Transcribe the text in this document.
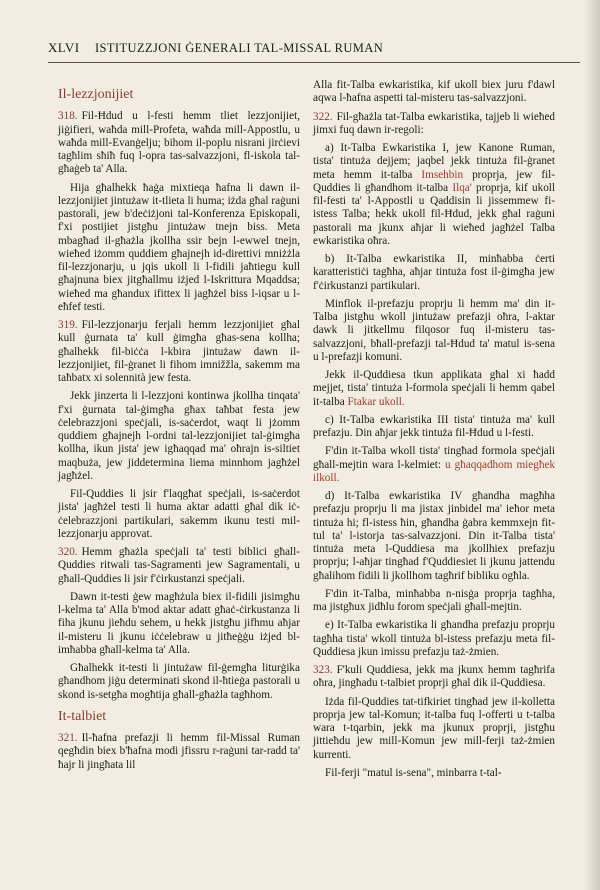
XLVI ISTITUZZJONI ĠENERALI TAL-MISSAL RUMAN
Il-lezzjonijiet

318. Fil-Ħdud u l-festi hemm tliet lezzjonijiet, jiġifieri, waħda mill-Profeta, waħda mill-Appostlu, u waħda mill-Evanġelju; bihom il-poplu nisrani jirċievi tagħlim sħiħ fuq l-opra tas-salvazzjoni, fl-iskola tal-għaġeb ta' Alla.

Hija għalhekk ħaġa mixtieqa ħafna li dawn il-lezzjonijiet jintużaw it-tlieta li huma; iżda għal raġuni pastorali, jew b'deċiżjoni tal-Konferenza Episkopali, f'xi postijiet jistgħu jintużaw tnejn biss. Meta mbagħad il-għażla jkollha ssir bejn l-ewwel tnejn, wieħed iżomm quddiem għajnejh id-direttivi mniżżla fil-lezzjonarju, u jqis ukoll li l-fidili jaħtiegu kull għajnuna biex jitgħallmu iżjed l-Iskrittura Mqaddsa; wieħed ma għandux ifittex li jagħżel biss l-iqsar u l-eħfef testi.

319. Fil-lezzjonarju ferjali hemm lezzjonijiet għal kull ġurnata ta' kull ġimgħa għas-sena kollha; għalhekk fil-biċċa l-kbira jintużaw dawn il-lezzjonijiet, fil-ġranet li fihom imnižžla, sakemm ma taħbatx xi solennità jew festa.

Jekk jinzerta li l-lezzjoni kontinwa jkollha tinqata' f'xi ġurnata tal-ġimgħa għax taħbat festa jew ċelebrazzjoni speċjali, is-saċerdot, waqt li jżomm quddiem għajnejh l-ordni tal-lezzjonijiet tal-ġimgħa kollha, ikun jista' jew igħaqqad ma' oħrajn is-siltiet maqbuża, jew jiddetermina liema minnhom jagħżel jagħżel.

Fil-Quddies li jsir f'laqgħat speċjali, is-saċerdot jista' jagħżel testi li huma aktar adatti għal dik iċ-ċelebrazzjoni partikulari, sakemm ikunu testi mil-lezzjonarju approvat.

320. Hemm għażla speċjali ta' testi biblici għall-Quddies ritwali tas-Sagramenti jew Sagramentali, u għall-Quddies li jsir f'ċirkustanzi speċjali.

Dawn it-testi ġew magħżula biex il-fidili jisimgħu l-kelma ta' Alla b'mod aktar adatt għaċ-ċirkustanza li fiha jkunu jieħdu sehem, u hekk jistgħu jifhmu aħjar il-misteru li jkunu iċċelebraw u jitħeġġu iżjed bl-imħabba għall-kelma ta' Alla.

Għalhekk it-testi li jintużaw fil-ġemgħa liturġika għandhom jiġu determinati skond il-ħtieġa pastorali u skond is-setgħa mogħtija għall-għażla tagħhom.

It-talbiet

321. Il-ħafna prefazji li hemm fil-Missal Ruman qegħdin biex b'ħafna modi jfissru r-raġuni tar-radd ta' ħajr li jingħata lil

Alla fit-Talba ewkaristika, kif ukoll biex juru f'dawl aqwa l-ħafna aspetti tal-misteru tas-salvazzjoni.

322. Fil-għażla tat-Talba ewkaristika, tajjeb li wieħed jimxi fuq dawn ir-regoli:

a) It-Talba Ewkaristika I, jew Kanone Ruman, tista' tintuża dejjem; jaqbel jekk tintuża fil-ġranet meta hemm it-talba Imsehbin proprja, jew fil-Quddies li għandhom it-talba Ilqa' proprja, kif ukoll fil-festi ta' l-Appostli u Qaddisin li jissemmew fi-istess Talba; hekk ukoll fil-Ħdud, jekk għal raġuni pastorali ma jkunx aħjar li wieħed jagħżel Talba ewkaristika oħra.

b) It-Talba ewkaristika II, minħabba ċerti karatteristiċi tagħha, aħjar tintuża fost il-ġimgħa jew f'ċirkustanzi partikulari.

Minflok il-prefazju proprju li hemm ma' din it-Talba jistgħu wkoll jintużaw prefazji oħra, l-aktar dawk li jitkellmu filqosor fuq il-misteru tas-salvazzjoni, bħall-prefazji tal-Ħdud ta' matul is-sena u l-prefazji komuni.

Jekk il-Quddiesa tkun applikata għal xi ħadd mejjet, tista' tintuża l-formola speċjali li hemm qabel it-talba Ftakar ukoll.

c) It-Talba ewkaristika III tista' tintuża ma' kull prefazju. Din aħjar jekk tintuża fil-Ħdud u l-festi.

F'din it-Talba wkoll tista' tingħad formola speċjali għall-mejtin wara l-kelmiet: u għaqqadhom miegħek ilkoll.

d) It-Talba ewkaristika IV għandha magħha prefazju proprju li ma jistax jinbidel ma' ieħor meta tintuża hi; fl-istess ħin, għandha ġabra kemmxejn fit-tul ta' l-istorja tas-salvazzjoni. Din it-Talba tista' tintuża meta l-Quddiesa ma jkollhiex prefazju proprju; l-aħjar tingħad f'Quddiesiet li jkunu jattendu għalihom fidili li jkollhom tagħrif bibliku ogħla.

F'din it-Talba, minħabba n-nisġa proprja tagħha, ma jistgħux jidħlu forom speċjali għall-mejtin.

e) It-Talba ewkaristika li għandha prefazju proprju tagħha tista' wkoll tintuża bl-istess prefazju meta fil-Quddiesa jkun imissu prefazju taż-żmien.

323. F'kuli Quddiesa, jekk ma jkunx hemm tagħrifa oħra, jingħadu t-talbiet proprji għal dik il-Quddiesa.

Iżda fil-Quddies tat-tifkiriet tingħad jew il-kolletta proprja jew tal-Komun; it-talba fuq l-offerti u t-talba wara t-tqarbin, jekk ma jkunux proprji, jistgħu jittieħdu jew mill-Komun jew mill-ferji taż-żmien kurrenti.

Fil-ferji "matul is-sena", minbarra t-tal-
